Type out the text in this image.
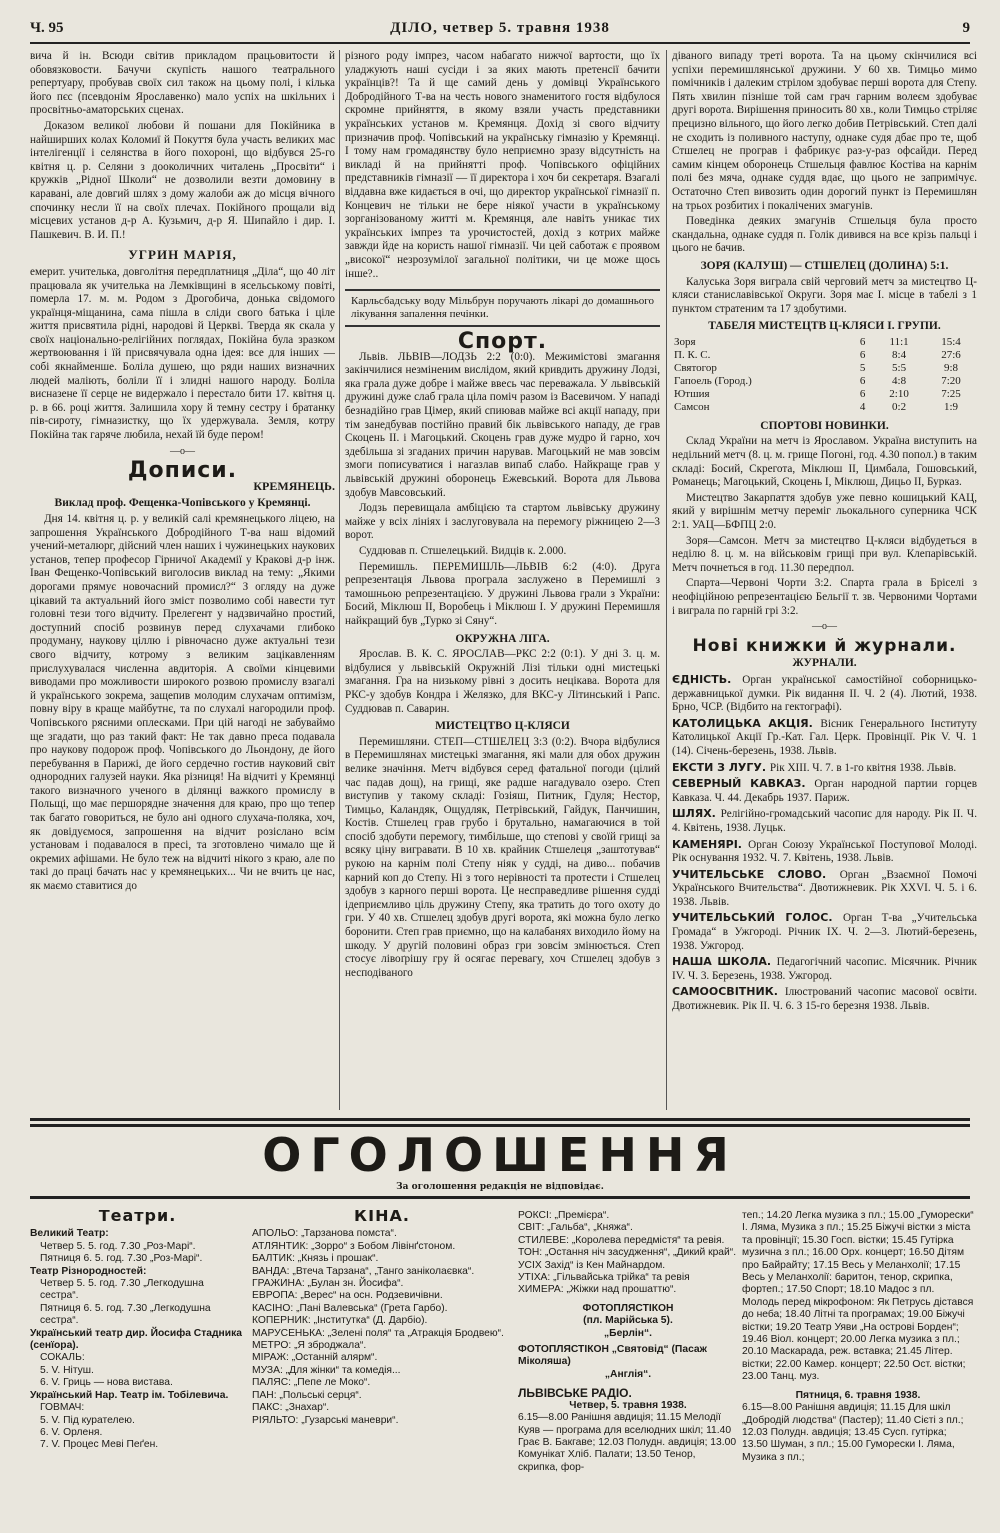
Ч. 95	ДІЛО, четвер 5. травня 1938	9

вича й ін. Всюди світив прикладом працьовитости й обовязковости. Бачучи скупість нашого театрального репертуару, пробував своїх сил також на цьому полі, і кілька його пєс (псевдонім Ярославенко) мало успіх на шкільних і просвітньо-аматорських сценах.

Доказом великої любови й пошани для Покійника в найширших колах Коломиї й Покуття була участь великих мас інтелігенції і селянства в його похороні, що відбувся 25-го квітня ц. р. Селяни з дооколичних читалень „Просвіти“ і кружків „Рідної Школи“ не дозволили везти домовину в каравані, але довгий шлях з дому жалоби аж до місця вічного спочинку несли її на своїх плечах. Покійного прощали від місцевих установ д-р А. Кузьмич, д-р Я. Шипайло і дир. І. Пашкевич. В. И. П.!

УГРИН МАРІЯ,

емерит. учителька, довголітня передплатниця „Діла“, що 40 літ працювала як учителька на Лемківщині в ясельському повіті, померла 17. м. м. Родом з Дрогобича, донька свідомого українця-міщанина, сама пішла в сліди свого батька і ціле життя присвятила рідні, народові й Церкві. Тверда як скала у своїх національно-релігійних поглядах, Покійна була зразком жертвоювання і їй присвячувала одна ідея: все для інших — собі якнайменше. Боліла душею, що ряди наших визначних людей маліють, боліли її і злидні нашого народу. Боліла висназене її серце не видержало і перестало бити 17. квітня ц. р. в 66. році життя. Залишила хору й темну сестру і братанку пів-сироту, гімназистку, що їх удержувала. Земля, котру Покійна так гаряче любила, нехай їй буде пером!

—o—
Дописи.
КРЕМЯНЕЦЬ.
Виклад проф. Фещенка-Чопівського у Кремянці.

Дня 14. квітня ц. р. у великій салі кремянецького ліцею, на запрошення Українського Добродійного Т-ва наш відомий учений-металюрг, дійсний член наших і чужинецьких наукових установ, тепер професор Гірничої Академії у Кракові д-р інж. Іван Фещенко-Чопівський виголосив виклад на тему: „Якими дорогами прямує новочасний промисл?“ З огляду на дуже цікавий та актуальний його зміст позволимо собі навести тут головні тези того відчиту. Прелегент у надзвичайно простий, доступний спосіб розвинув перед слухачами глибоко продуману, наукову ціллю і рівночасно дуже актуальні тези свого відчиту, котрому з великим зацікавленням прислухувалася численна авдиторія. А своїми кінцевими виводами про можливости широкого розвою промислу взагалі й українського зокрема, защепив молодим слухачам оптимізм, повну віру в краще майбутнє, та по слухалі нагородили проф. Чопівського рясними оплесками. При цій нагоді не забуваймо ще згадати, що раз такий факт: Не так давно преса подавала про наукову подорож проф. Чопівського до Льондону, де його перебування в Парижі, де його сердечно гостив науковий світ однородних галузей науки. Яка різниця! На відчиті у Кремянці такого визначного ученого в ділянці важкого промислу в Польщі, що має першорядне значення для краю, про що тепер так багато говориться, не було ані одного слухача-поляка, хоч, як довідуємося, запрошення на відчит розіслано всім установам і подавалося в пресі, та зготовлено чимало ще й окремих афішами. Не було теж на відчиті нікого з краю, але по такі до праці бачать нас у кремянецьких... Чи не вчить це нас, як маємо ставитися до

різного роду імпрез, часом набагато нижчої вартости, що їх уладжують наші сусіди і за яких мають претенсії бачити українців?! Та й ще самий день у домівці Українського Добродійного Т-ва на честь нового знаменитого гостя відбулося скромне прийняття, в якому взяли участь представники українських установ м. Кремянця. Дохід зі свого відчиту призначив проф. Чопівський на українську гімназію у Кремянці. І тому нам громадянству було неприємно зразу відсутність на викладі й на прийнятті проф. Чопівського офіційних представників гімназії — її директора і хоч би секретаря. Взагалі віддавна вже кидається в очі, що директор української гімназії п. Концевич не тільки не бере ніякої участи в українському зорганізованому житті м. Кремянця, але навіть уникає тих українських імпрез та урочистостей, дохід з котрих майже завжди йде на користь нашої гімназії. Чи цей саботаж є проявом „високої“ незрозумілої загальної політики, чи це може щось інше?..

Карльсбадську воду Мільбрун поручають лікарі до домашнього лікування запалення печінки.
Спорт.

Львів. ЛЬВІВ—ЛОДЗЬ 2:2 (0:0). Межимістові змагання закінчилися незміненим вислідом, який кривдить дружину Лодзі, яка грала дуже добре і майже ввесь час переважала. У львівській дружині дуже слаб грала ціла поміч разом із Васевичом. У нападі безнадійно грав Цімер, який спиював майже всі акції нападу, при тім занедбував постійно правий бік львівського нападу, де грав Скоцень ІІ. і Магоцький. Скоцень грав дуже мудро й гарно, хоч здебільша зі згаданих причин нарував. Магоцький не мав зовсім змоги пописуватися і нагазлав випаб слабо. Найкраще грав у львівській дружині оборонець Ежевський. Ворота для Львова здобув Мавсовський.

Лодзь перевищала амбіцією та стартом львівську дружину майже у всіх лініях і заслуговувала на перемогу ріжницею 2—3 ворот.

Суддював п. Стшелецький. Видців к. 2.000.

Перемишль. ПЕРЕМИШЛЬ—ЛЬВІВ 6:2 (4:0). Друга репрезентація Львова програла заслужено в Перемишлі з тамошньою репрезентацією. У дружині Львова грали з України: Босий, Міклюш ІІ, Воробець і Міклюш І. У дружині Перемишля найкращий був „Турко зі Сяну“.

ОКРУЖНА ЛІГА.

Ярослав. В. К. С. ЯРОСЛАВ—РКС 2:2 (0:1). У дні 3. ц. м. відбулися у львівській Окружній Лізі тільки одні мистецькі змагання. Гра на низькому рівні з досить нецікава. Ворота для РКС-у здобув Кондра і Желязко, для ВКС-у Літинський і Рапс. Суддював п. Саварин.

МИСТЕЦТВО Ц-КЛЯСИ

Перемишляни. СТЕП—СТШЕЛЕЦ 3:3 (0:2). Вчора відбулися в Перемишлянах мистецькі змагання, які мали для обох дружин велике значіння. Метч відбувся серед фатальної погоди (цілий час падав дощ), на грищі, яке радше нагадувало озеро. Степ виступив у такому складі: Гозіяш, Питник, Гдуля; Нестор, Тимцьо, Каландяк, Ощудляк, Петрівський, Гайдук, Панчишин, Костів. Стшелец грав грубо і брутально, намагаючися в той спосіб здобути перемогу, тимбільше, що степові у своїй грищі за всяку ціну вигравати. В 10 хв. крайник Стшелеця „заштотував“ рукою на карнім полі Степу ніяк у судді, на диво... побачив карний коп до Степу. Ні з того нерівності та протести і Стшелец здобув з карного перші ворота. Це несправедливе рішення судді ідеприємливо ціль дружину Степу, яка тратить до того охоту до гри. У 40 хв. Стшелец здобув другі ворота, які можна було легко боронити. Степ грав приємно, що на калабанях виходило йому на шкоду. У другій половині образ гри зовсім змінюється. Степ стосує лівоґрішу гру й осягає перевагу, хоч Стшелец здобув з несподіваного

діваного випаду треті ворота. Та на цьому скінчилися всі успіхи перемишлянської дружини. У 60 хв. Тимцьо мимо помічників і далеким стрілом здобуває перші ворота для Степу. Пять хвилин пізніше той сам грач гарним волеєм здобуває другі ворота. Вирішення приносить 80 хв., коли Тимцьо стріляє прецизно вільного, що його легко добив Петрівський. Степ далі не сходить із поливного наступу, однаке судя дбає про те, щоб Стшелец не програв і фабрикує раз-у-раз офсайди. Перед самим кінцем оборонець Стшельця фавлює Костіва на карнім полі без мяча, однаке суддя вдає, що цього не запримічує. Остаточно Степ вивозить один дорогий пункт із Перемишлян на трьох розбитих і покалічених змагунів.

Поведінка деяких змагунів Стшельця була просто скандальна, однаке суддя п. Голік дивився на все крізь пальці і цього не бачив.

ЗОРЯ (КАЛУШ) — СТШЕЛЕЦ (ДОЛИНА) 5:1.

Калуська Зоря виграла свій черговий метч за мистецтво Ц-кляси станиславівської Округи. Зоря має І. місце в табелі з 1 пунктом стратеним та 17 здобутими.

ТАБЕЛЯ МИСТЕЦТВ Ц-КЛЯСИ І. ГРУПИ.
Зоря	6	11:1	15:4
П. К. С.	6	8:4	27:6
Святогор	5	5:5	9:8
Гапоель (Город.)	6	4:8	7:20
Ютшия	6	2:10	7:25
Самсон	4	0:2	1:9
СПОРТОВІ НОВИНКИ.

Склад України на метч із Ярославом. Україна виступить на недільний метч (8. ц. м. грище Погоні, год. 4.30 попол.) в таким складі: Босий, Скрегота, Міклюш ІІ, Цимбала, Гошовський, Романець; Магоцький, Скоцень І, Міклюш, Дицьо ІІ, Бурказ.

Мистецтво Закарпаття здобув уже певно кошицький КАЦ, який у вирішнім метчу переміг льокального суперника ЧСК 2:1. УАЦ—БФПЦ 2:0.

Зоря—Самсон. Метч за мистецтво Ц-кляси відбудеться в неділю 8. ц. м. на військовім грищі при вул. Клепарівській. Метч почнеться в год. 11.30 передпол.

Спарта—Червоні Чорти 3:2. Спарта грала в Бріселі з неофіційною репрезентацією Бельгії т. зв. Червоними Чортами і виграла по гарній грі 3:2.

—o—
Нові книжки й журнали.
ЖУРНАЛИ.
ЄДНІСТЬ. Орган української самостійної соборницько-державницької думки. Рік видання ІІ. Ч. 2 (4). Лютий, 1938. Брно, ЧСР. (Відбито на гектографі).
КАТОЛИЦЬКА АКЦІЯ. Вісник Генерального Інституту Католицької Акції Гр.-Кат. Гал. Церк. Провінції. Рік V. Ч. 1 (14). Січень-березень, 1938. Львів.
ЕКСТИ З ЛУГУ. Рік XIII. Ч. 7. в 1-го квітня 1938. Львів.
СЕВЕРНЫЙ КАВКАЗ. Орган народной партии горцев Кавказа. Ч. 44. Декабрь 1937. Париж.
ШЛЯХ. Релігійно-громадський часопис для народу. Рік ІІ. Ч. 4. Квітень, 1938. Луцьк.
КАМЕНЯРІ. Орган Союзу Української Поступової Молоді. Рік оснування 1932. Ч. 7. Квітень, 1938. Львів.
УЧИТЕЛЬСЬКЕ СЛОВО. Орган „Взаємної Помочі Українського Вчительства“. Двотижневик. Рік XXVI. Ч. 5. і 6. 1938. Львів.
УЧИТЕЛЬСЬКИЙ ГОЛОС. Орган Т-ва „Учительська Громада“ в Ужгороді. Річник IX. Ч. 2—3. Лютий-березень, 1938. Ужгород.
НАША ШКОЛА. Педагогічний часопис. Місячник. Річник IV. Ч. 3. Березень, 1938. Ужгород.
САМООСВІТНИК. Ілюстрований часопис масової освіти. Двотижневик. Рік ІІ. Ч. 6. З 15-го березня 1938. Львів.
ОГОЛОШЕННЯ
За оголошення редакція не відповідає.
Театри.
Великий Театр:
Четвер 5. 5. год. 7.30 „Роз-Марі“.
Пятниця 6. 5. год. 7.30 „Роз-Марі“.
Театр Різнородностей:
Четвер 5. 5. год. 7.30 „Легкодушна сестра“.
Пятниця 6. 5. год. 7.30 „Легкодушна сестра“.
Український театр дир. Йосифа Стадника (сенїора).
СОКАЛЬ:
5. V. Нітуш.
6. V. Гриць — нова вистава.
Український Нар. Театр ім. Тобілевича.
ГОВМАЧ:
5. V. Під курателею.
6. V. Орленя.
7. V. Процес Меві Пеґен.
КІНА.
АПОЛЬО: „Тарзанова помста“.
АТЛЯНТИК: „Зорро“ з Бобом Лівінґстоном.
БАЛТИК: „Князь і прошак“.
ВАНДА: „Втеча Тарзана“, „Танго заніколаєвка“.
ГРАЖИНА: „Булан зн. Йосифа“.
ЕВРОПА: „Верес“ на осн. Родзевичівни.
КАСІНО: „Пані Валевська“ (Грета Гарбо).
КОПЕРНИК: „Інститутка“ (Д. Дарбіо).
МАРУСЕНЬКА: „Зелені поля“ та „Атракція Бродвею“.
МЕТРО: „Я зброджала“.
МІРАЖ: „Останній алярм“.
МУЗА: „Для жінки“ та комедія...
ПАЛЯС: „Пепе ле Моко“.
ПАН: „Польські серця“.
ПАКС: „Знахар“.
РІЯЛЬТО: „Гузарські маневри“.
РОКСІ: „Премієра“.
СВІТ: „Гальба“, „Княжа“.
СТИЛЕВЕ: „Королева передмістя“ та ревія.
ТОН: „Остання ніч засудження“, „Дикий край“.
УСІХ Захід“ із Кен Майнардом.
УТІХА: „Гільвайська трійка“ та ревія
ХИМЕРА: „Жіжки над прошаттю“.
ФОТОПЛЯСТІКОН
(пл. Марійська 5).
„Берлін“.
ФОТОПЛЯСТІКОН „Святовід“ (Пасаж Міколяша)
„Англія“.
ЛЬВІВСЬКЕ РАДІО.
Четвер, 5. травня 1938.
6.15—8.00 Ранішня авдиція; 11.15 Мелодії Куяв — програма для вселюдних шкіл; 11.40 Грає В. Бакгаве; 12.03 Полудн. авдиція; 13.00 Комунікат Хліб. Палати; 13.50 Тенор, скрипка, фор-
теп.; 14.20 Легка музика з пл.; 15.00 „Гуморески“ І. Ляма, Музика з пл.; 15.25 Біжучі вістки з міста та провінції; 15.30 Госп. вістки; 15.45 Гутірка музична з пл.; 16.00 Орх. концерт; 16.50 Дітям про Байрайту; 17.15 Весь у Меланхолії; 17.15 Весь у Меланхолії: баритон, тенор, скрипка, фортеп.; 17.50 Спорт; 18.10 Мадос з пл. Молодь перед мікрофоном: Як Петрусь дістався до неба; 18.40 Літні та програмах; 19.00 Біжучі вістки; 19.20 Театр Уяви „На острові Борден“; 19.46 Віол. концерт; 20.00 Легка музика з пл.; 20.10 Маскарада, реж. вставка; 21.45 Літер. вістки; 22.00 Камер. концерт; 22.50 Ост. вістки; 23.00 Танц. муз.
Пятниця, 6. травня 1938.
6.15—8.00 Ранішня авдиція; 11.15 Для шкіл „Добродій людства“ (Пастер); 11.40 Сієті з пл.; 12.03 Полудн. авдиція; 13.45 Сусп. гутірка; 13.50 Шуман, з пл.; 15.00 Гуморески І. Ляма, Музика з пл.;
